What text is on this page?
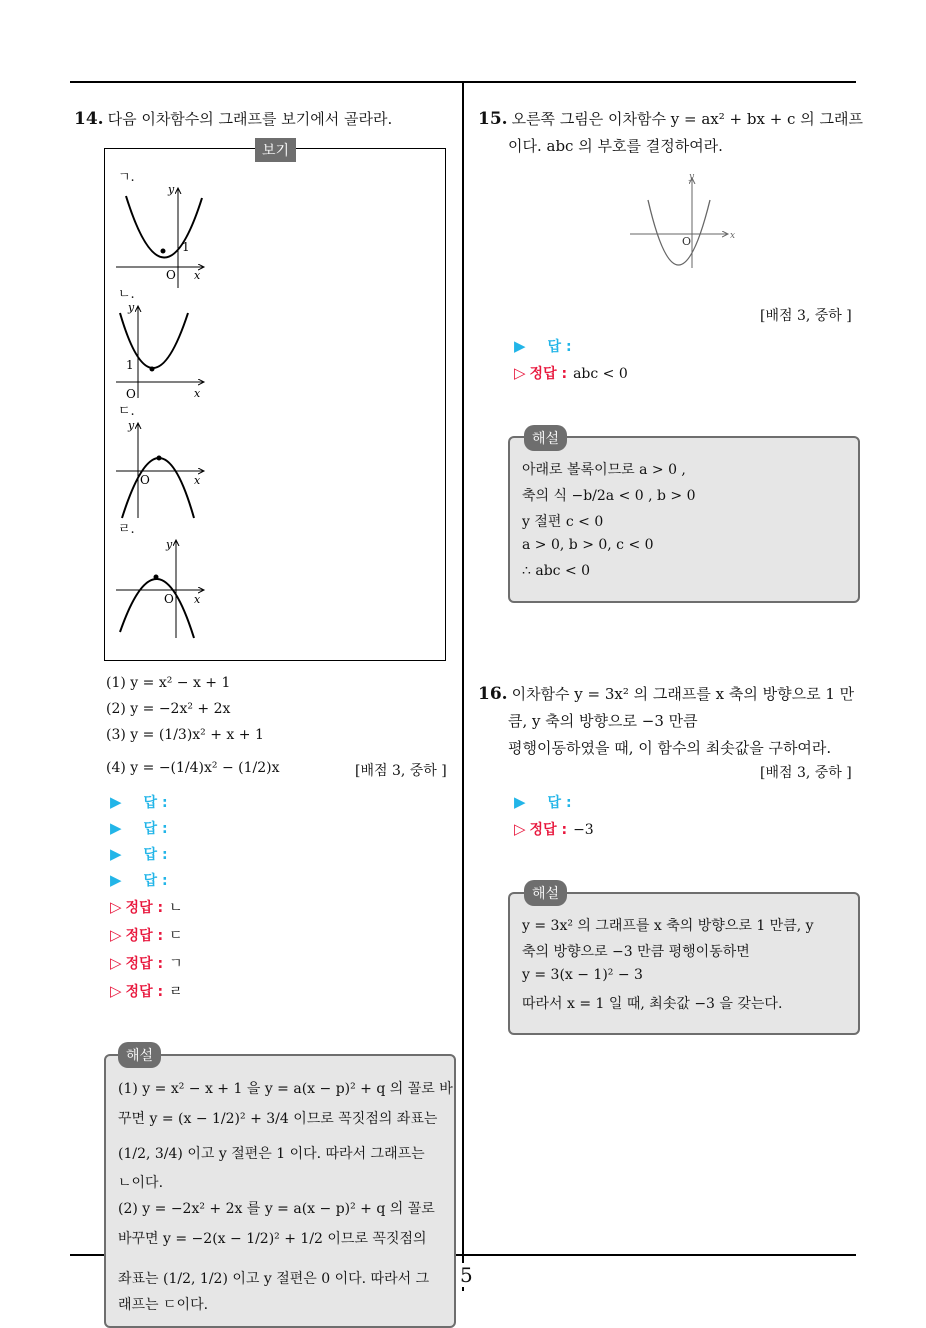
5
14. 다음 이차함수의 그래프를 보기에서 골라라.
보기
ㄱ.
ㄴ.
ㄷ.
ㄹ.
y
x
O
1
y
x
O
1
y
x
O
y
x
O
(1) y = x² − x + 1
(2) y = −2x² + 2x
(3) y = (1/3)x² + x + 1
(4) y = −(1/4)x² − (1/2)x	[배점 3, 중하 ]
▶ 답 :
▶ 답 :
▶ 답 :
▶ 답 :
▷ 정답 : ㄴ
▷ 정답 : ㄷ
▷ 정답 : ㄱ
▷ 정답 : ㄹ
해설
(1) y = x² − x + 1 을 y = a(x − p)² + q 의 꼴로 바
꾸면 y = (x − 1/2)² + 3/4 이므로 꼭짓점의 좌표는
(1/2, 3/4) 이고 y 절편은 1 이다. 따라서 그래프는
ㄴ이다.
(2) y = −2x² + 2x 를 y = a(x − p)² + q 의 꼴로
바꾸면 y = −2(x − 1/2)² + 1/2 이므로 꼭짓점의
좌표는 (1/2, 1/2) 이고 y 절편은 0 이다. 따라서 그
래프는 ㄷ이다.
15. 오른쪽 그림은 이차함수 y = ax² + bx + c 의 그래프
이다. abc 의 부호를 결정하여라.
y
x
O
[배점 3, 중하 ]
▶ 답 :
▷ 정답 : abc < 0
해설
아래로 볼록이므로 a > 0 ,
축의 식 −b/2a < 0 , b > 0
y 절편 c < 0
a > 0, b > 0, c < 0
∴ abc < 0
16. 이차함수 y = 3x² 의 그래프를 x 축의 방향으로 1 만
큼, y 축의 방향으로 −3 만큼
평행이동하였을 때, 이 함수의 최솟값을 구하여라.
[배점 3, 중하 ]
▶ 답 :
▷ 정답 : −3
해설
y = 3x² 의 그래프를 x 축의 방향으로 1 만큼, y
축의 방향으로 −3 만큼 평행이동하면
y = 3(x − 1)² − 3
따라서 x = 1 일 때, 최솟값 −3 을 갖는다.
